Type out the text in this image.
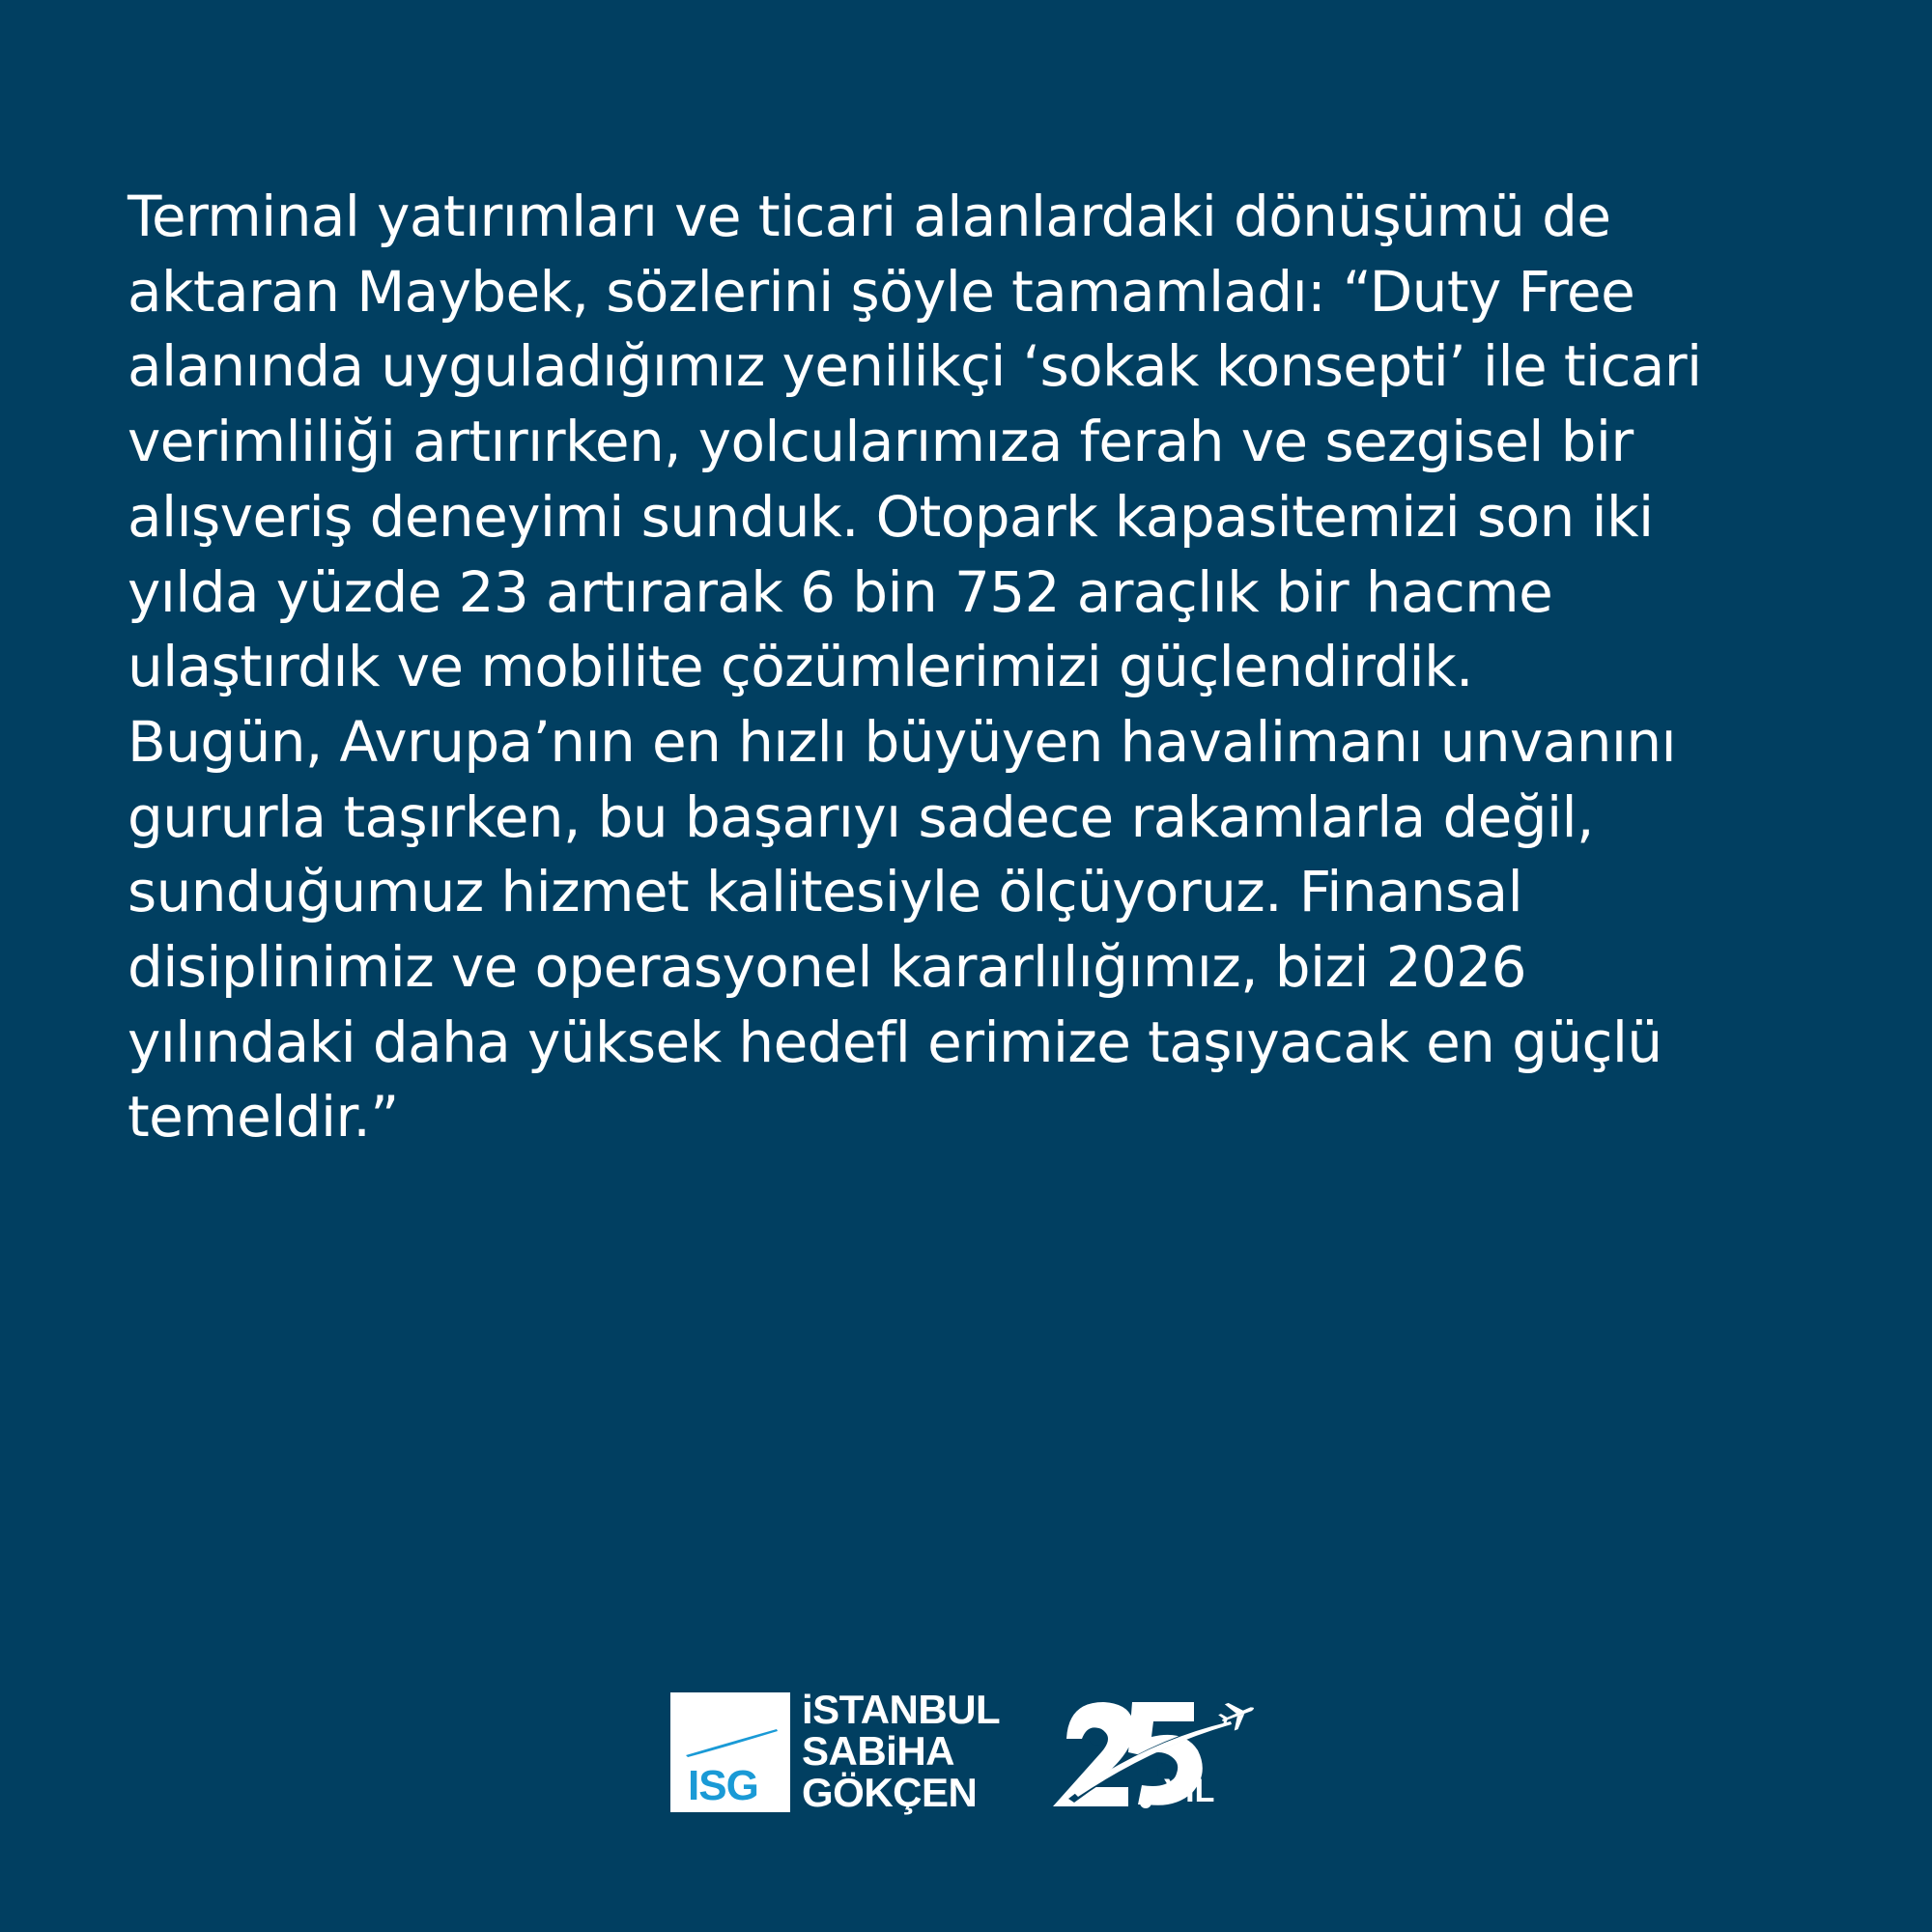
Terminal yatırımları ve ticari alanlardaki dönüşümü de
aktaran Maybek, sözlerini şöyle tamamladı: “Duty Free
alanında uyguladığımız yenilikçi ‘sokak konsepti’ ile ticari
verimliliği artırırken, yolcularımıza ferah ve sezgisel bir
alışveriş deneyimi sunduk. Otopark kapasitemizi son iki
yılda yüzde 23 artırarak 6 bin 752 araçlık bir hacme
ulaştırdık ve mobilite çözümlerimizi güçlendirdik.
Bugün, Avrupa’nın en hızlı büyüyen havalimanı unvanını
gururla taşırken, bu başarıyı sadece rakamlarla değil,
sunduğumuz hizmet kalitesiyle ölçüyoruz. Finansal
disiplinimiz ve operasyonel kararlılığımız, bizi 2026
yılındaki daha yüksek hedefl erimize taşıyacak en güçlü
temeldir.”
ISG
iSTANBUL
SABiHA
GÖKÇEN	.YIL
